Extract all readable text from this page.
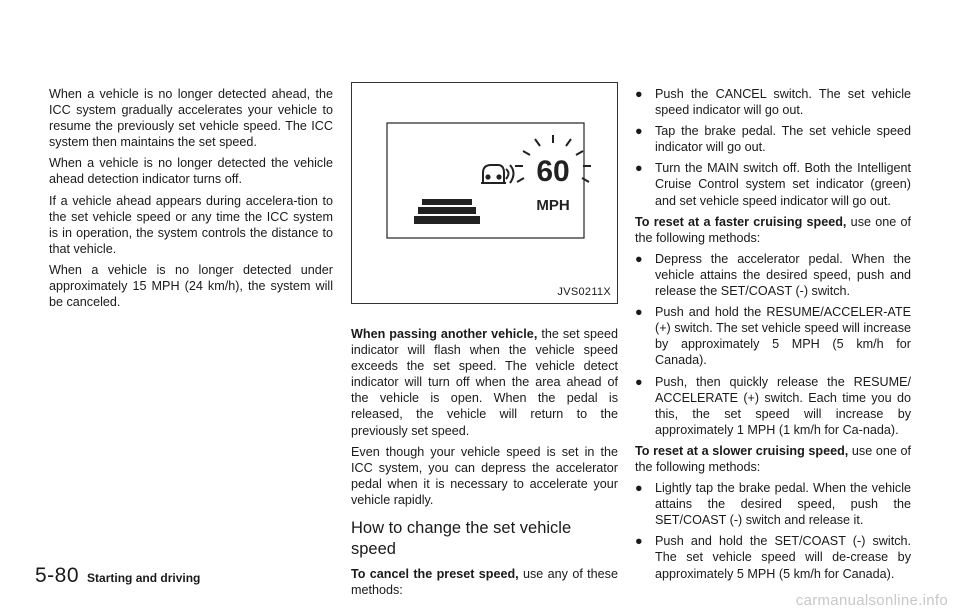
When a vehicle is no longer detected ahead, the ICC system gradually accelerates your vehicle to resume the previously set vehicle speed. The ICC system then maintains the set speed.

When a vehicle is no longer detected the vehicle ahead detection indicator turns off.

If a vehicle ahead appears during accelera-tion to the set vehicle speed or any time the ICC system is in operation, the system controls the distance to that vehicle.

When a vehicle is no longer detected under approximately 15 MPH (24 km/h), the system will be canceled.

60
MPH
JVS0211X

When passing another vehicle, the set speed indicator will flash when the vehicle speed exceeds the set speed. The vehicle detect indicator will turn off when the area ahead of the vehicle is open. When the pedal is released, the vehicle will return to the previously set speed.

Even though your vehicle speed is set in the ICC system, you can depress the accelerator pedal when it is necessary to accelerate your vehicle rapidly.

How to change the set vehicle speed

To cancel the preset speed, use any of these methods:

● Push the CANCEL switch. The set vehicle speed indicator will go out.
● Tap the brake pedal. The set vehicle speed indicator will go out.
● Turn the MAIN switch off. Both the Intelligent Cruise Control system set indicator (green) and set vehicle speed indicator will go out.

To reset at a faster cruising speed, use one of the following methods:

● Depress the accelerator pedal. When the vehicle attains the desired speed, push and release the SET/COAST (-) switch.
● Push and hold the RESUME/ACCELER-ATE (+) switch. The set vehicle speed will increase by approximately 5 MPH (5 km/h for Canada).
● Push, then quickly release the RESUME/ ACCELERATE (+) switch. Each time you do this, the set speed will increase by approximately 1 MPH (1 km/h for Ca-nada).

To reset at a slower cruising speed, use one of the following methods:

● Lightly tap the brake pedal. When the vehicle attains the desired speed, push the SET/COAST (-) switch and release it.
● Push and hold the SET/COAST (-) switch. The set vehicle speed will de-crease by approximately 5 MPH (5 km/h for Canada).
5-80 Starting and driving
carmanualsonline.info
